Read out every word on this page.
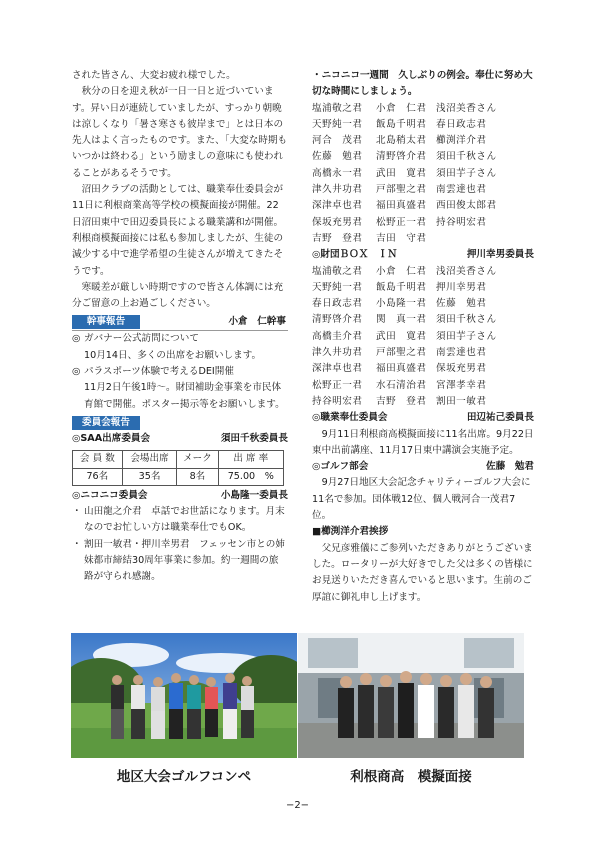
された皆さん、大変お疲れ様でした。

秋分の日を迎え秋が一日一日と近づいています。昇い日が連続していましたが、すっかり朝晩は涼しくなり「暑さ寒さも彼岸まで」とは日本の先人はよく言ったものです。また、「大変な時期もいつかは終わる」という励ましの意味にも使われることがあるそうです。

沼田クラブの活動としては、職業奉仕委員会が11日に利根商業高等学校の模擬面接が開催。22日沼田東中で田辺委員長による職業講和が開催。利根商模擬面接には私も参加しましたが、生徒の減少する中で進学希望の生徒さんが増えてきたそうです。

寒暖差が厳しい時期ですので皆さん体調には充分ご留意の上お過ごしください。

幹事報告	小倉　仁幹事
◎ ガバナー公式訪問について
10月14日、多くの出席をお願いします。
◎ パラスポーツ体験で考えるDEI開催
11月2日午後1時〜。財団補助金事業を市民体育館で開催。ポスター掲示等をお願いします。
委員会報告
◎SAA出席委員会	須田千秋委員長
会 員 数	会場出席	メーク	出 席 率
76名	35名	8名	75.00　%
◎ニコニコ委員会	小島隆一委員長
・ 山田龍之介君　卓話でお世話になります。月末なのでお忙しい方は職業奉仕でもOK。
・ 割田一敏君・押川幸男君　フェッセン市との姉妹都市締結30周年事業に参加。約一週間の旅路が守られ感謝。
・ニコニコ一週間　久しぶりの例会。奉仕に努め大切な時間にしましょう。
塩浦敬之君	小倉　仁君 浅沼美香さん
天野純一君	飯島千明君 春日政志君
河合　茂君	北島稍太君 櫛渕洋介君
佐藤　勉君	清野啓介君 須田千秋さん
高橋永一君	武田　寛君 須田芋子さん
津久井功君	戸部聖之君 南雲達也君
深津卓也君	福田真盛君 西田俊太郎君
保坂充男君	松野正一君 持谷明宏君
吉野　登君	吉田　守君
◎財団ＢＯＸ　ＩＮ	押川幸男委員長
塩浦敬之君	小倉　仁君 浅沼美香さん
天野純一君	飯島千明君 押川幸男君
春日政志君	小島隆一君 佐藤　勉君
清野啓介君	関　真一君 須田千秋さん
高橋圭介君	武田　寛君 須田芋子さん
津久井功君	戸部聖之君 南雲達也君
深津卓也君	福田真盛君 保坂充男君
松野正一君	水石清治君 宮澤孝幸君
持谷明宏君	吉野　登君 割田一敏君
◎職業奉仕委員会	田辺祐己委員長

9月11日利根商高模擬面接に11名出席。9月22日東中出前講座、11月17日東中講演会実施予定。

◎ゴルフ部会	佐藤　勉君

9月27日地区大会記念チャリティーゴルフ大会に11名で参加。団体戦12位、個人戦河合一茂君7位。

■櫛渕洋介君挨拶

父兄彦雅儀にご参列いただきありがとうございました。ロータリーが大好きでした父は多くの皆様にお見送りいただき喜んでいると思います。生前のご厚誼に御礼申し上げます。

地区大会ゴルフコンペ	利根商高　模擬面接
−2−
